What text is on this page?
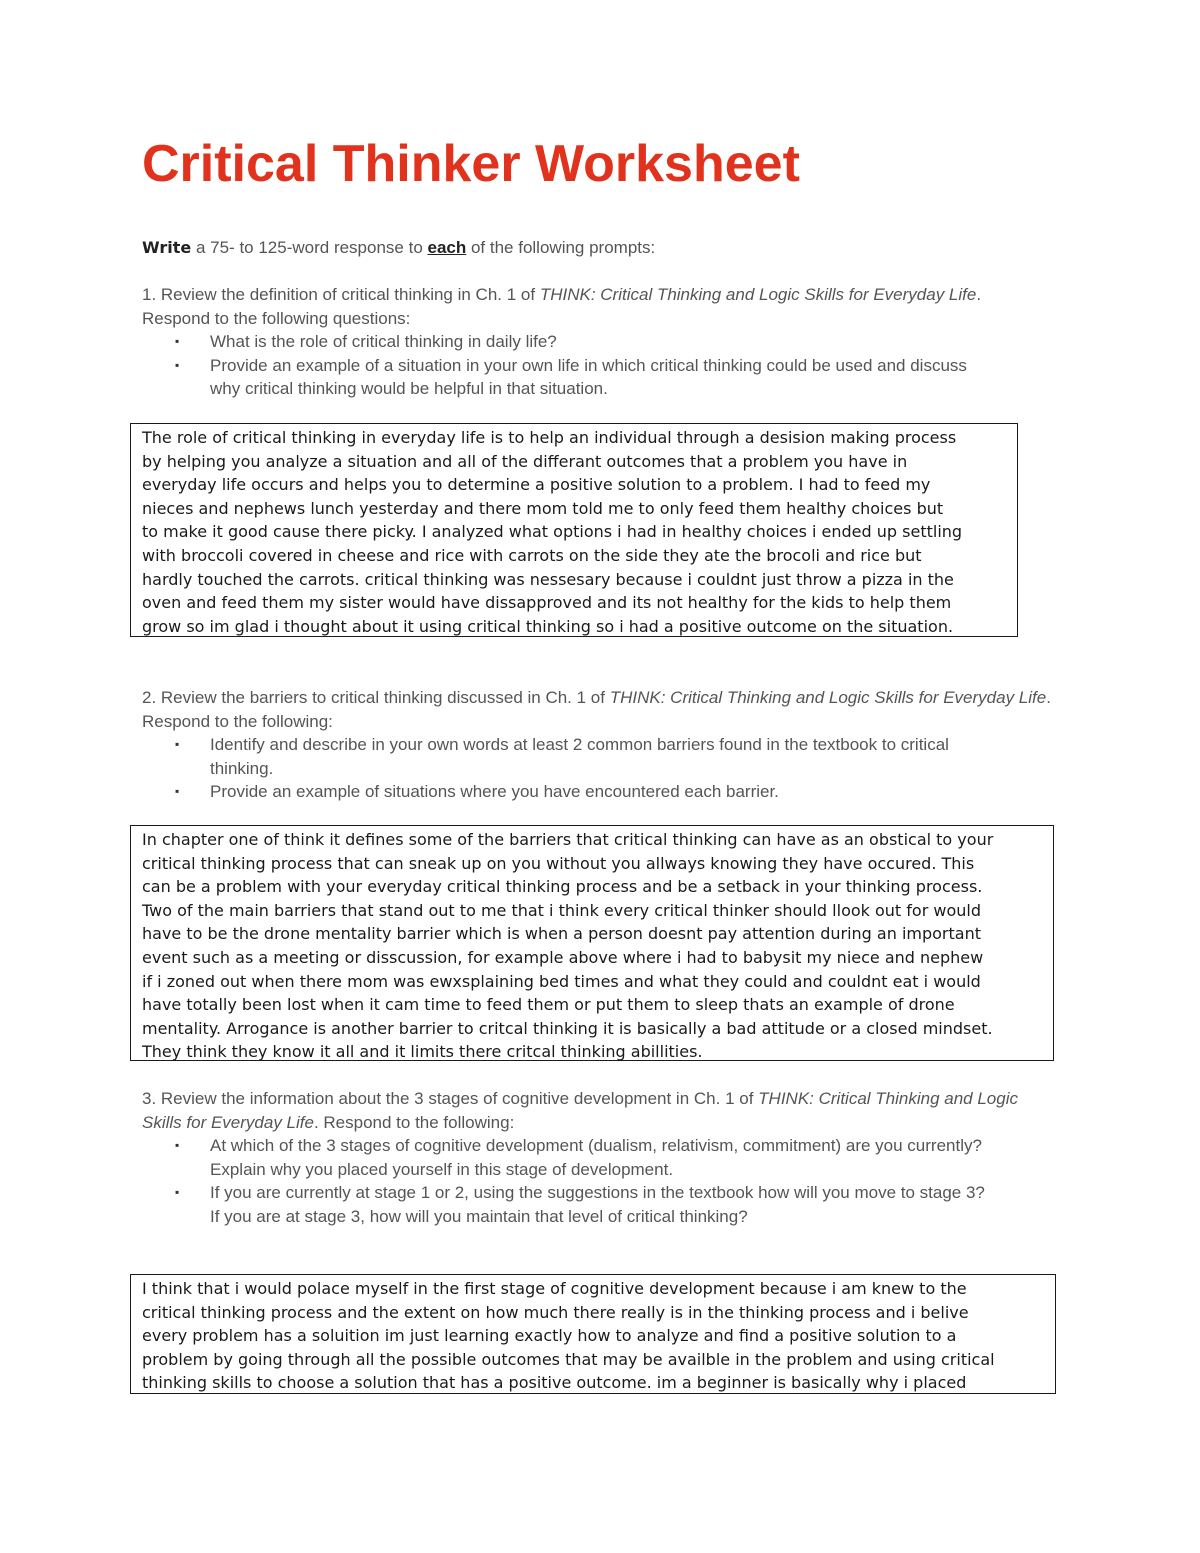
Critical Thinker Worksheet

Write a 75- to 125-word response to each of the following prompts:

1. Review the definition of critical thinking in Ch. 1 of THINK: Critical Thinking and Logic Skills for Everyday Life. Respond to the following questions:

▪ What is the role of critical thinking in daily life?
▪ Provide an example of a situation in your own life in which critical thinking could be used and discuss why critical thinking would be helpful in that situation.
The role of critical thinking in everyday life is to help an individual through a desision making process
by helping you analyze a situation and all of the differant outcomes that a problem you have in
everyday life occurs and helps you to determine a positive solution to a problem. I had to feed my
nieces and nephews lunch yesterday and there mom told me to only feed them healthy choices but
to make it good cause there picky. I analyzed what options i had in healthy choices i ended up settling
with broccoli covered in cheese and rice with carrots on the side they ate the brocoli and rice but
hardly touched the carrots. critical thinking was nessesary because i couldnt just throw a pizza in the
oven and feed them my sister would have dissapproved and its not healthy for the kids to help them
grow so im glad i thought about it using critical thinking so i had a positive outcome on the situation.

2. Review the barriers to critical thinking discussed in Ch. 1 of THINK: Critical Thinking and Logic Skills for Everyday Life. Respond to the following:

▪ Identify and describe in your own words at least 2 common barriers found in the textbook to critical thinking.
▪ Provide an example of situations where you have encountered each barrier.
In chapter one of think it defines some of the barriers that critical thinking can have as an obstical to your
critical thinking process that can sneak up on you without you allways knowing they have occured. This
can be a problem with your everyday critical thinking process and be a setback in your thinking process.
Two of the main barriers that stand out to me that i think every critical thinker should llook out for would
have to be the drone mentality barrier which is when a person doesnt pay attention during an important
event such as a meeting or disscussion, for example above where i had to babysit my niece and nephew
if i zoned out when there mom was ewxsplaining bed times and what they could and couldnt eat i would
have totally been lost when it cam time to feed them or put them to sleep thats an example of drone
mentality. Arrogance is another barrier to critcal thinking it is basically a bad attitude or a closed mindset.
They think they know it all and it limits there critcal thinking abillities.

3. Review the information about the 3 stages of cognitive development in Ch. 1 of THINK: Critical Thinking and Logic Skills for Everyday Life. Respond to the following:

▪ At which of the 3 stages of cognitive development (dualism, relativism, commitment) are you currently? Explain why you placed yourself in this stage of development.
▪ If you are currently at stage 1 or 2, using the suggestions in the textbook how will you move to stage 3? If you are at stage 3, how will you maintain that level of critical thinking?
I think that i would polace myself in the first stage of cognitive development because i am knew to the
critical thinking process and the extent on how much there really is in the thinking process and i belive
every problem has a soluition im just learning exactly how to analyze and find a positive solution to a
problem by going through all the possible outcomes that may be availble in the problem and using critical
thinking skills to choose a solution that has a positive outcome. im a beginner is basically why i placed
